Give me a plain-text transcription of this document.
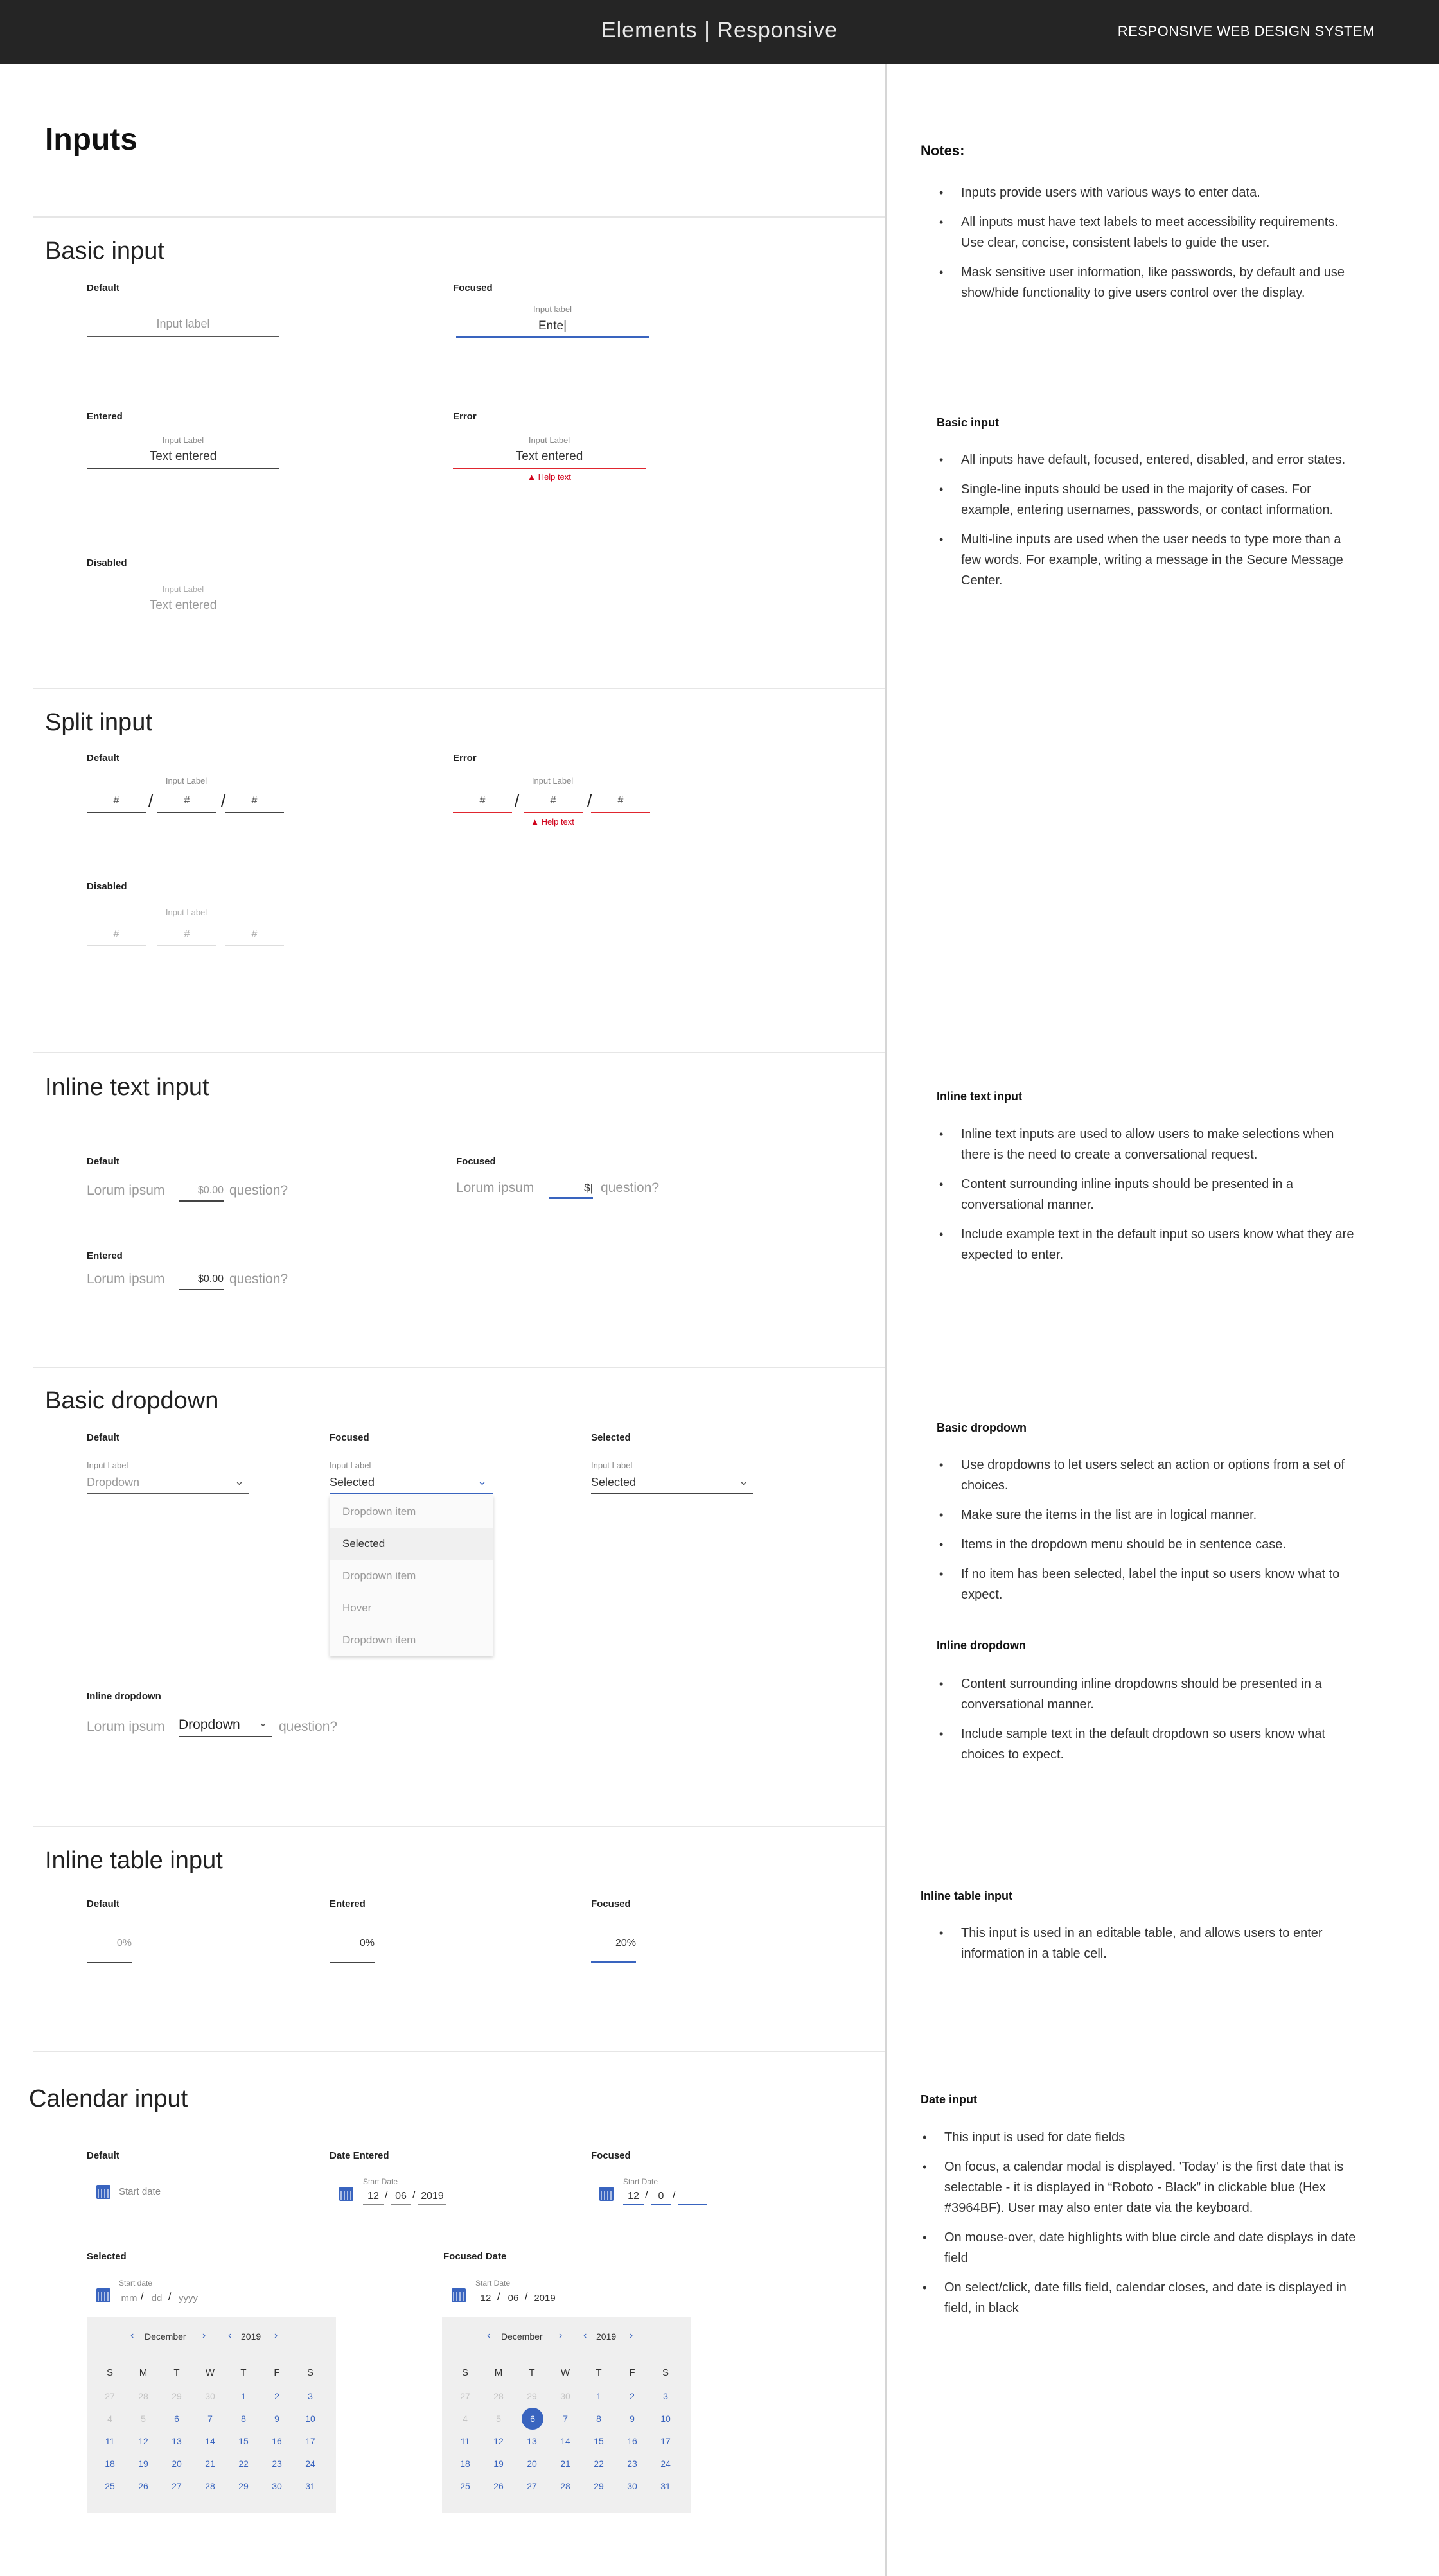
Elements | Responsive	RESPONSIVE WEB DESIGN SYSTEM
Inputs
Basic input
Default
Input label
Focused
Input label
Ente|
Entered
Input Label
Text entered
Error
Input Label
Text entered
▲ Help text
Disabled
Input Label
Text entered
Split input
Default
Input Label
#	/	#	/	#
Error
Input Label
#	/	#	/	#
▲ Help text
Disabled
Input Label
#	#	#
Inline text input
Default
Lorum ipsum	$0.00 question?
Focused
Lorum ipsum	$| question?
Entered
Lorum ipsum	$0.00 question?
Basic dropdown
Default
Input Label
Dropdown	⌄
Focused
Input Label
Selected	⌄
Dropdown item
Selected
Dropdown item
Hover
Dropdown item
Selected
Input Label
Selected	⌄
Inline dropdown
Lorum ipsum Dropdown ⌄ question?
Inline table input
Default
0%
Entered
0%
Focused
20%
Calendar input
Default
Start date
Date Entered
Start Date
12 / 06 / 2019
Focused
Start Date
12 /	0 /
Selected
Start date
mm / dd / yyyy
‹ December › ‹ 2019 ›
S	M	T	W	T	F	S
27	28	29	30	1	2	3
4	5	6	7	8	9	10
11	12	13	14	15	16	17
18	19	20	21	22	23	24
25	26	27	28	29	30	31
Focused Date
Start Date
12 / 06 / 2019
‹ December › ‹ 2019 ›
S	M	T	W	T	F	S
27	28	29	30	1	2	3
4	5	6	7	8	9	10
11	12	13	14	15	16	17
18	19	20	21	22	23	24
25	26	27	28	29	30	31
Notes:
• Inputs provide users with various ways to enter data.
• All inputs must have text labels to meet accessibility requirements. Use clear, concise, consistent labels to guide the user.
• Mask sensitive user information, like passwords, by default and use show/hide functionality to give users control over the display.
Basic input
• All inputs have default, focused, entered, disabled, and error states.
• Single-line inputs should be used in the majority of cases. For example, entering usernames, passwords, or contact information.
• Multi-line inputs are used when the user needs to type more than a few words. For example, writing a message in the Secure Message Center.
Inline text input
• Inline text inputs are used to allow users to make selections when there is the need to create a conversational request.
• Content surrounding inline inputs should be presented in a conversational manner.
• Include example text in the default input so users know what they are expected to enter.
Basic dropdown
• Use dropdowns to let users select an action or options from a set of choices.
• Make sure the items in the list are in logical manner.
• Items in the dropdown menu should be in sentence case.
• If no item has been selected, label the input so users know what to expect.
Inline dropdown
• Content surrounding inline dropdowns should be presented in a conversational manner.
• Include sample text in the default dropdown so users know what choices to expect.
Inline table input
• This input is used in an editable table, and allows users to enter information in a table cell.
Date input
• This input is used for date fields
• On focus, a calendar modal is displayed. 'Today' is the first date that is selectable - it is displayed in “Roboto - Black” in clickable blue (Hex #3964BF). User may also enter date via the keyboard.
• On mouse-over, date highlights with blue circle and date displays in date field
• On select/click, date fills field, calendar closes, and date is displayed in field, in black
